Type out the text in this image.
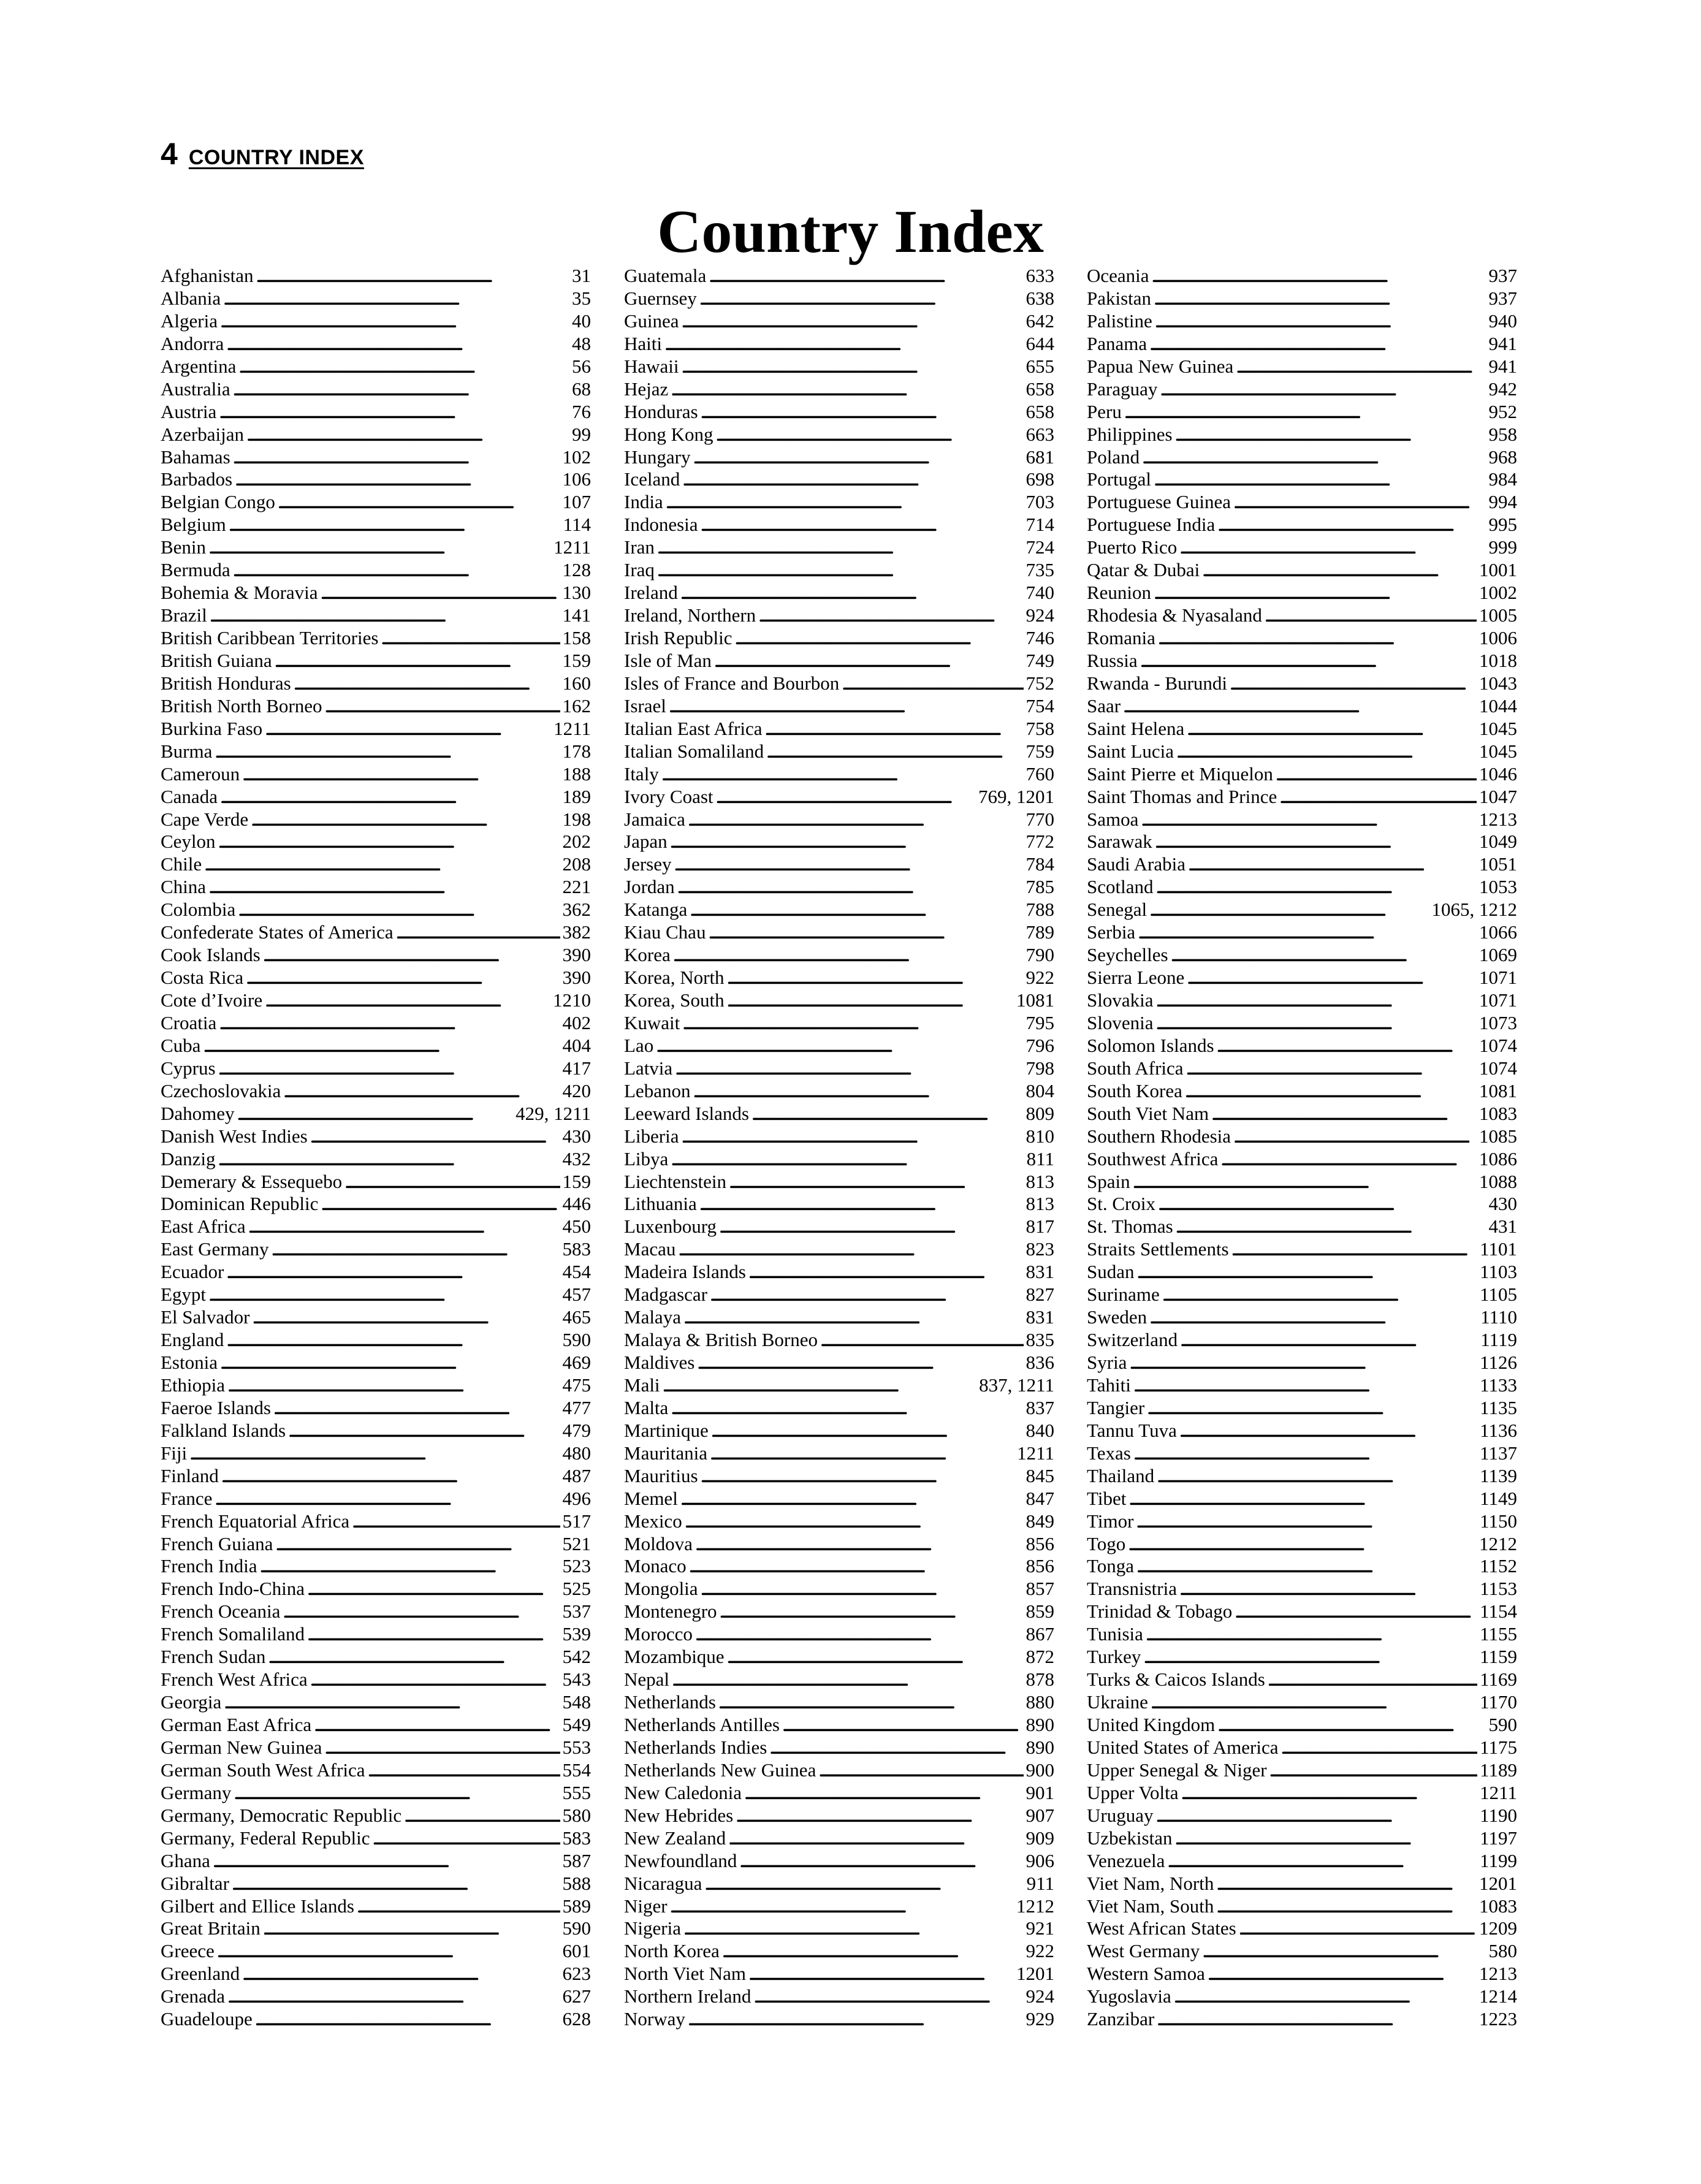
4 COUNTRY INDEX
Country Index
Afghanistan . . .	31
Albania . . .	35
Algeria . . .	40
Andorra . . .	48
Argentina . . .	56
Australia . . .	68
Austria . . .	76
Azerbaijan . . .	99
Bahamas . . .	102
Barbados . . .	106
Belgian Congo . . .	107
Belgium . . .	114
Benin . . .	1211
Bermuda . . .	128
Bohemia & Moravia . . .	130
Brazil . . .	141
British Caribbean Territories . . .	158
British Guiana . . .	159
British Honduras . . .	160
British North Borneo . . .	162
Burkina Faso . . .	1211
Burma . . .	178
Cameroun . . .	188
Canada . . .	189
Cape Verde . . .	198
Ceylon . . .	202
Chile . . .	208
China . . .	221
Colombia . . .	362
Confederate States of America . . .	382
Cook Islands . . .	390
Costa Rica . . .	390
Cote d’Ivoire . . .	1210
Croatia . . .	402
Cuba . . .	404
Cyprus . . .	417
Czechoslovakia . . .	420
Dahomey . . .	429, 1211
Danish West Indies . . .	430
Danzig . . .	432
Demerary & Essequebo . . .	159
Dominican Republic . . .	446
East Africa . . .	450
East Germany . . .	583
Ecuador . . .	454
Egypt . . .	457
El Salvador . . .	465
England . . .	590
Estonia . . .	469
Ethiopia . . .	475
Faeroe Islands . . .	477
Falkland Islands . . .	479
Fiji . . .	480
Finland . . .	487
France . . .	496
French Equatorial Africa . . .	517
French Guiana . . .	521
French India . . .	523
French Indo-China . . .	525
French Oceania . . .	537
French Somaliland . . .	539
French Sudan . . .	542
French West Africa . . .	543
Georgia . . .	548
German East Africa . . .	549
German New Guinea . . .	553
German South West Africa . . .	554
Germany . . .	555
Germany, Democratic Republic . . .	580
Germany, Federal Republic . . .	583
Ghana . . .	587
Gibraltar . . .	588
Gilbert and Ellice Islands . . .	589
Great Britain . . .	590
Greece . . .	601
Greenland . . .	623
Grenada . . .	627
Guadeloupe . . .	628
Guatemala . . .	633
Guernsey . . .	638
Guinea . . .	642
Haiti . . .	644
Hawaii . . .	655
Hejaz . . .	658
Honduras . . .	658
Hong Kong . . .	663
Hungary . . .	681
Iceland . . .	698
India . . .	703
Indonesia . . .	714
Iran . . .	724
Iraq . . .	735
Ireland . . .	740
Ireland, Northern . . .	924
Irish Republic . . .	746
Isle of Man . . .	749
Isles of France and Bourbon . . .	752
Israel . . .	754
Italian East Africa . . .	758
Italian Somaliland . . .	759
Italy . . .	760
Ivory Coast . . .	769, 1201
Jamaica . . .	770
Japan . . .	772
Jersey . . .	784
Jordan . . .	785
Katanga . . .	788
Kiau Chau . . .	789
Korea . . .	790
Korea, North . . .	922
Korea, South . . .	1081
Kuwait . . .	795
Lao . . .	796
Latvia . . .	798
Lebanon . . .	804
Leeward Islands . . .	809
Liberia . . .	810
Libya . . .	811
Liechtenstein . . .	813
Lithuania . . .	813
Luxenbourg . . .	817
Macau . . .	823
Madeira Islands . . .	831
Madgascar . . .	827
Malaya . . .	831
Malaya & British Borneo . . .	835
Maldives . . .	836
Mali . . .	837, 1211
Malta . . .	837
Martinique . . .	840
Mauritania . . .	1211
Mauritius . . .	845
Memel . . .	847
Mexico . . .	849
Moldova . . .	856
Monaco . . .	856
Mongolia . . .	857
Montenegro . . .	859
Morocco . . .	867
Mozambique . . .	872
Nepal . . .	878
Netherlands . . .	880
Netherlands Antilles . . .	890
Netherlands Indies . . .	890
Netherlands New Guinea . . .	900
New Caledonia . . .	901
New Hebrides . . .	907
New Zealand . . .	909
Newfoundland . . .	906
Nicaragua . . .	911
Niger . . .	1212
Nigeria . . .	921
North Korea . . .	922
North Viet Nam . . .	1201
Northern Ireland . . .	924
Norway . . .	929
Oceania . . .	937
Pakistan . . .	937
Palistine . . .	940
Panama . . .	941
Papua New Guinea . . .	941
Paraguay . . .	942
Peru . . .	952
Philippines . . .	958
Poland . . .	968
Portugal . . .	984
Portuguese Guinea . . .	994
Portuguese India . . .	995
Puerto Rico . . .	999
Qatar & Dubai . . .	1001
Reunion . . .	1002
Rhodesia & Nyasaland . . .	1005
Romania . . .	1006
Russia . . .	1018
Rwanda - Burundi . . .	1043
Saar . . .	1044
Saint Helena . . .	1045
Saint Lucia . . .	1045
Saint Pierre et Miquelon . . .	1046
Saint Thomas and Prince . . .	1047
Samoa . . .	1213
Sarawak . . .	1049
Saudi Arabia . . .	1051
Scotland . . .	1053
Senegal . . .	1065, 1212
Serbia . . .	1066
Seychelles . . .	1069
Sierra Leone . . .	1071
Slovakia . . .	1071
Slovenia . . .	1073
Solomon Islands . . .	1074
South Africa . . .	1074
South Korea . . .	1081
South Viet Nam . . .	1083
Southern Rhodesia . . .	1085
Southwest Africa . . .	1086
Spain . . .	1088
St. Croix . . .	430
St. Thomas . . .	431
Straits Settlements . . .	1101
Sudan . . .	1103
Suriname . . .	1105
Sweden . . .	1110
Switzerland . . .	1119
Syria . . .	1126
Tahiti . . .	1133
Tangier . . .	1135
Tannu Tuva . . .	1136
Texas . . .	1137
Thailand . . .	1139
Tibet . . .	1149
Timor . . .	1150
Togo . . .	1212
Tonga . . .	1152
Transnistria . . .	1153
Trinidad & Tobago . . .	1154
Tunisia . . .	1155
Turkey . . .	1159
Turks & Caicos Islands . . .	1169
Ukraine . . .	1170
United Kingdom . . .	590
United States of America . . .	1175
Upper Senegal & Niger . . .	1189
Upper Volta . . .	1211
Uruguay . . .	1190
Uzbekistan . . .	1197
Venezuela . . .	1199
Viet Nam, North . . .	1201
Viet Nam, South . . .	1083
West African States . . .	1209
West Germany . . .	580
Western Samoa . . .	1213
Yugoslavia . . .	1214
Zanzibar . . .	1223
